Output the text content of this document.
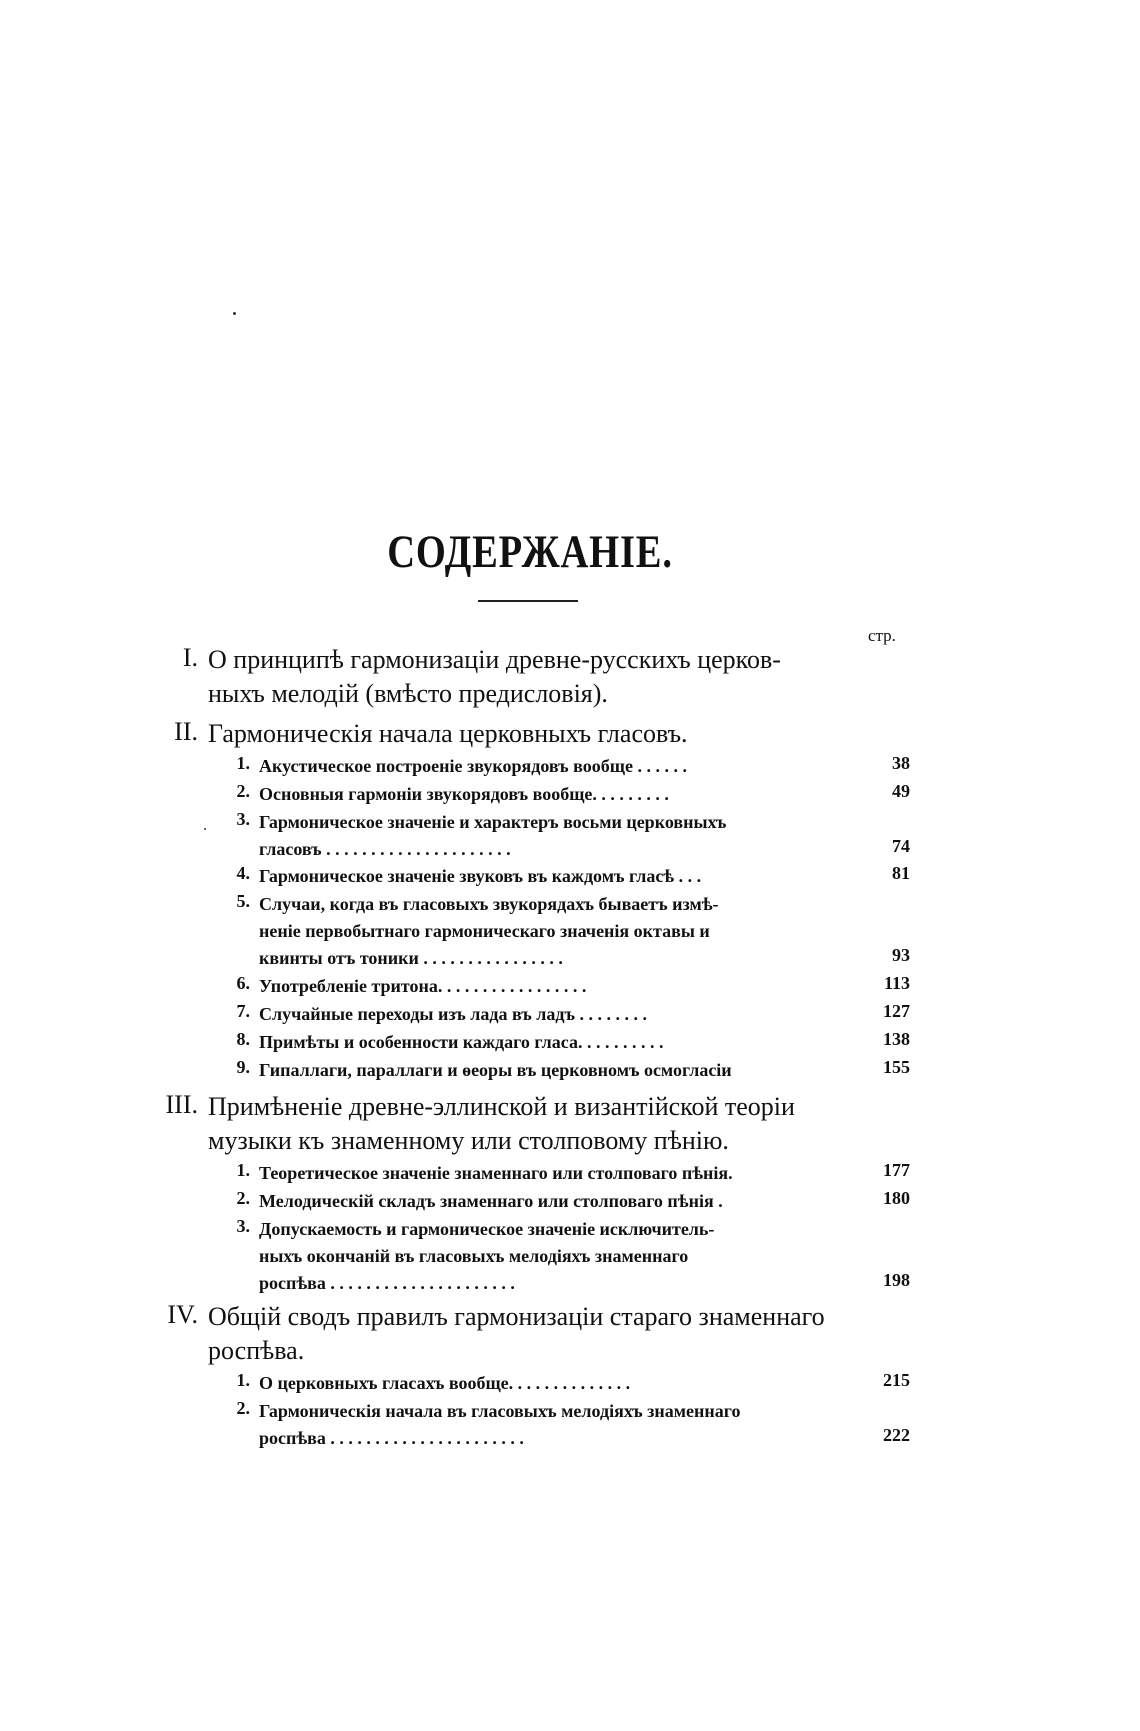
СОДЕРЖАНІЕ.
стр.
I. О принципѣ гармонизаціи древне-русскихъ церков-
ныхъ мелодій (вмѣсто предисловія).
II. Гармоническія начала церковныхъ гласовъ.
1. Акустическое построеніе звукорядовъ вообще . . . . . .	38
2. Основныя гармоніи звукорядовъ вообще. . . . . . . . .	49
3. Гармоническое значеніе и характеръ восьми церковныхъ
гласовъ . . . . . . . . . . . . . . . . . . . . .	74
4. Гармоническое значеніе звуковъ въ каждомъ гласѣ . . .	81
5. Случаи, когда въ гласовыхъ звукорядахъ бываетъ измѣ-
неніе первобытнаго гармоническаго значенія октавы и
квинты отъ тоники . . . . . . . . . . . . . . . .	93
6. Употребленіе тритона. . . . . . . . . . . . . . . . .	113
7. Случайные переходы изъ лада въ ладъ . . . . . . . .	127
8. Примѣты и особенности каждаго гласа. . . . . . . . . .	138
9. Гипаллаги, параллаги и ѳеоры въ церковномъ осмогласіи	155
III. Примѣненіе древне-эллинской и византійской теоріи
музыки къ знаменному или столповому пѣнію.
1. Теоретическое значеніе знаменнаго или столповаго пѣнія.	177
2. Мелодическій складъ знаменнаго или столповаго пѣнія .	180
3. Допускаемость и гармоническое значеніе исключитель-
ныхъ окончаній въ гласовыхъ мелодіяхъ знаменнаго
роспѣва . . . . . . . . . . . . . . . . . . . . .	198
IV. Общій сводъ правилъ гармонизаціи стараго знаменнаго
роспѣва.
1. О церковныхъ гласахъ вообще. . . . . . . . . . . . . .	215
2. Гармоническія начала въ гласовыхъ мелодіяхъ знаменнаго
роспѣва . . . . . . . . . . . . . . . . . . . . . .	222
